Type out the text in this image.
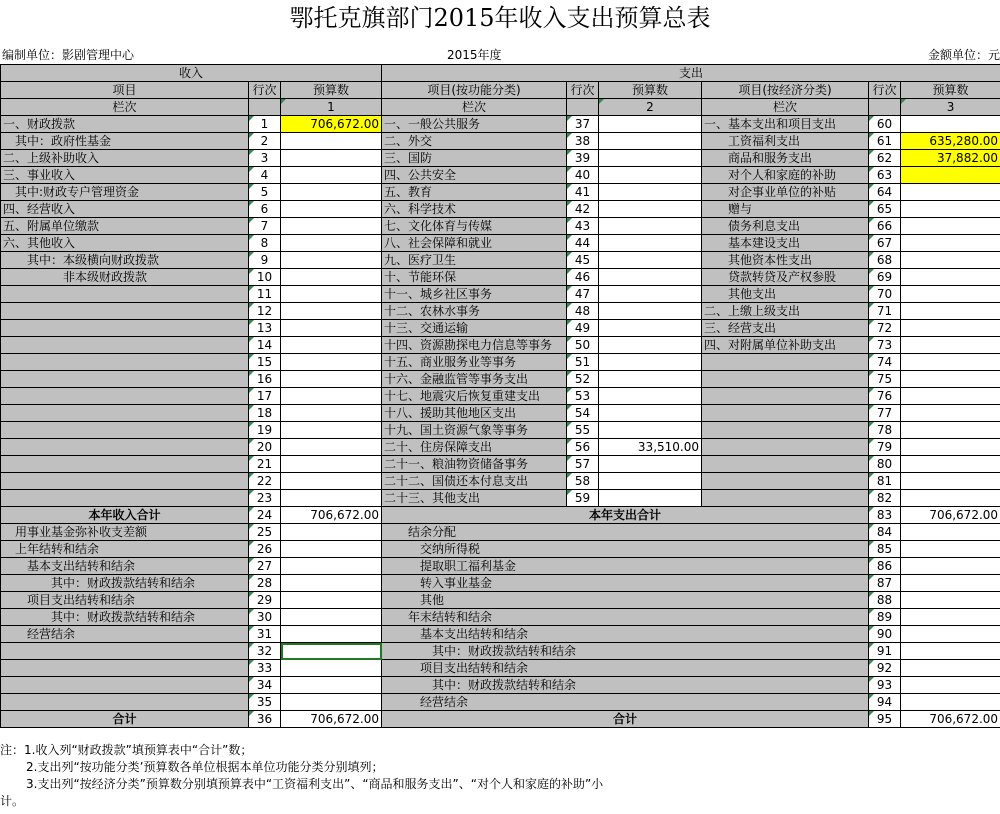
鄂托克旗部门2015年收入支出预算总表
编制单位：影剧管理中心	2015年度	金额单位：元
收入			支出					
项目	行次	预算数	项目(按功能分类)	行次	预算数	项目(按经济分类)	行次	预算数
栏次		1	栏次		2	栏次		3
一、财政拨款	1	706,672.00	一、一般公共服务	37		一、基本支出和项目支出	60	
其中：政府性基金	2		二、外交	38		工资福利支出	61	635,280.00
二、上级补助收入	3		三、国防	39		商品和服务支出	62	37,882.00
三、事业收入	4		四、公共安全	40		对个人和家庭的补助	63	
其中:财政专户管理资金	5		五、教育	41		对企事业单位的补贴	64	
四、经营收入	6		六、科学技术	42		赠与	65	
五、附属单位缴款	7		七、文化体育与传媒	43		债务利息支出	66	
六、其他收入	8		八、社会保障和就业	44		基本建设支出	67	
其中：本级横向财政拨款	9		九、医疗卫生	45		其他资本性支出	68	
非本级财政拨款	10		十、节能环保	46		贷款转贷及产权参股	69	
	11		十一、城乡社区事务	47		其他支出	70	
	12		十二、农林水事务	48		二、上缴上级支出	71	
	13		十三、交通运输	49		三、经营支出	72	
	14		十四、资源勘探电力信息等事务	50		四、对附属单位补助支出	73	
	15		十五、商业服务业等事务	51			74	
	16		十六、金融监管等事务支出	52			75	
	17		十七、地震灾后恢复重建支出	53			76	
	18		十八、援助其他地区支出	54			77	
	19		十九、国土资源气象等事务	55			78	
	20		二十、住房保障支出	56	33,510.00		79	
	21		二十一、粮油物资储备事务	57			80	
	22		二十二、国债还本付息支出	58			81	
	23		二十三、其他支出	59			82	
本年收入合计	24	706,672.00	本年支出合计				83	706,672.00
用事业基金弥补收支差额	25		结余分配				84	
上年结转和结余	26		交纳所得税				85	
基本支出结转和结余	27		提取职工福利基金				86	
其中：财政拨款结转和结余	28		转入事业基金				87	
项目支出结转和结余	29		其他				88	
其中：财政拨款结转和结余	30		年末结转和结余				89	
经营结余	31		基本支出结转和结余				90	
	32		其中：财政拨款结转和结余				91	
	33		项目支出结转和结余				92	
	34		其中：财政拨款结转和结余				93	
	35		经营结余				94	
合计	36	706,672.00	合计				95	706,672.00
注：1.收入列“财政拨款”填预算表中“合计”数；
2.支出列“按功能分类’预算数各单位根据本单位功能分类分别填列；
3.支出列“按经济分类”预算数分别填预算表中“工资福利支出”、“商品和服务支出”、“对个人和家庭的补助”小
计。
